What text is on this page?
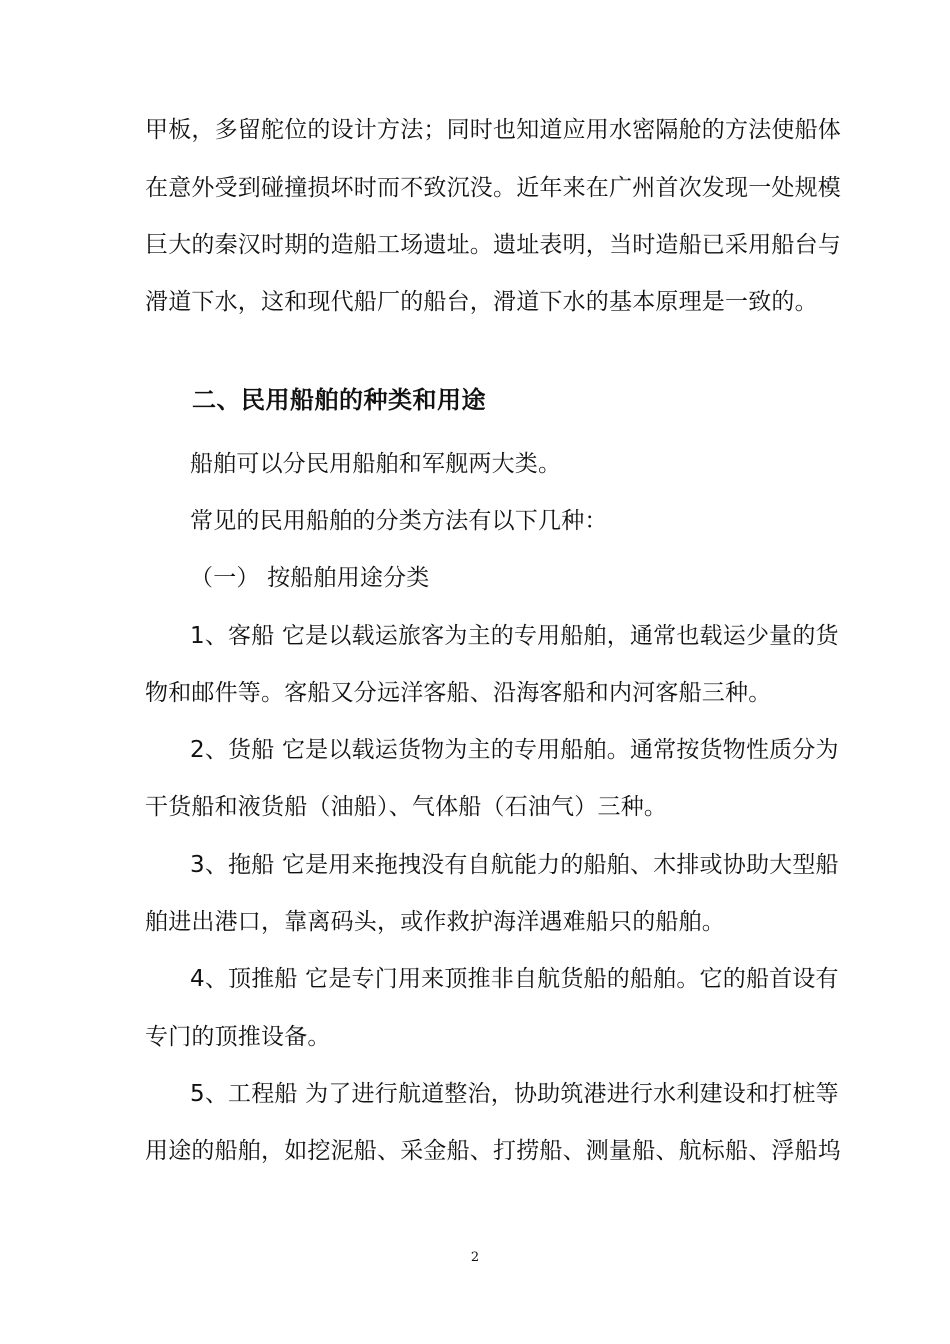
甲板，多留舵位的设计方法；同时也知道应用水密隔舱的方法使船体
在意外受到碰撞损坏时而不致沉没。近年来在广州首次发现一处规模
巨大的秦汉时期的造船工场遗址。遗址表明，当时造船已采用船台与
滑道下水，这和现代船厂的船台，滑道下水的基本原理是一致的。
二、民用船舶的种类和用途
船舶可以分民用船舶和军舰两大类。
常见的民用船舶的分类方法有以下几种：
（一） 按船舶用途分类
1、客船 它是以载运旅客为主的专用船舶，通常也载运少量的货
物和邮件等。客船又分远洋客船、沿海客船和内河客船三种。
2、货船 它是以载运货物为主的专用船舶。通常按货物性质分为
干货船和液货船（油船）、气体船（石油气）三种。
3、拖船 它是用来拖拽没有自航能力的船舶、木排或协助大型船
舶进出港口，靠离码头，或作救护海洋遇难船只的船舶。
4、顶推船 它是专门用来顶推非自航货船的船舶。它的船首设有
专门的顶推设备。
5、工程船 为了进行航道整治，协助筑港进行水利建设和打桩等
用途的船舶，如挖泥船、采金船、打捞船、测量船、航标船、浮船坞
2
